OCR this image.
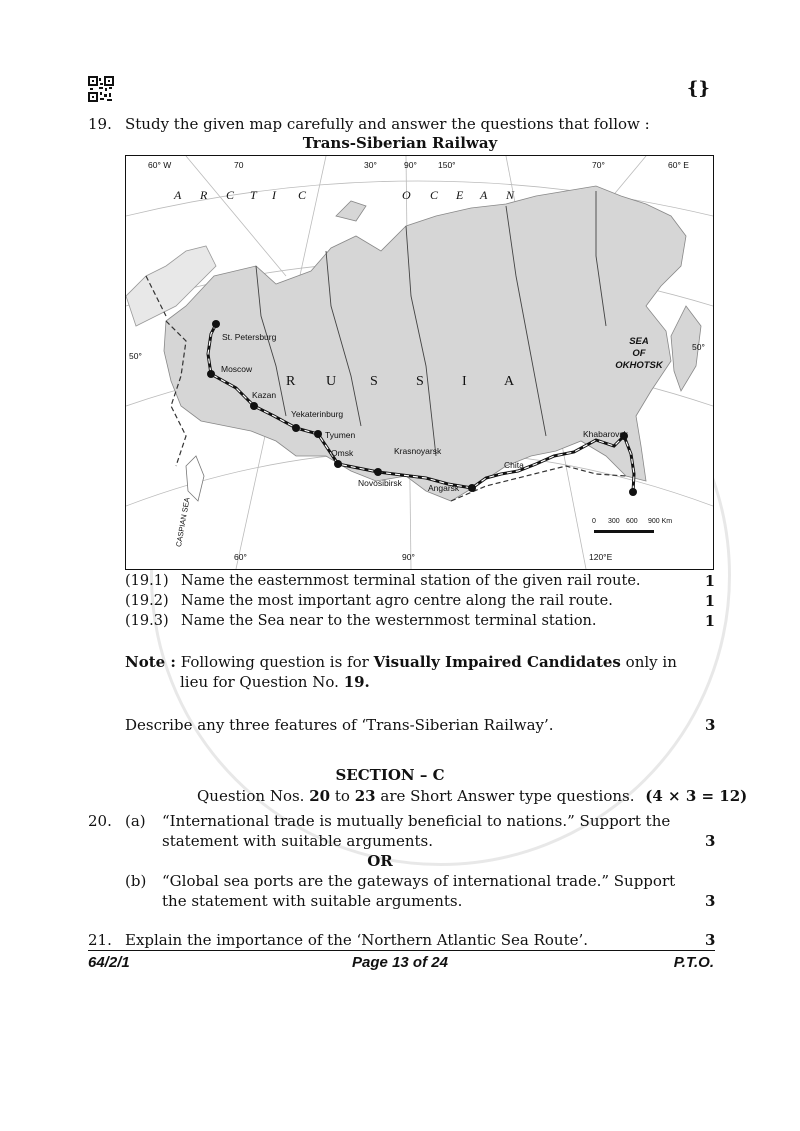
{}
19. Study the given map carefully and answer the questions that follow :
Trans-Siberian Railway
60° W	70	30°	90° 150°	70°	60° E
50°
50°
60°	90°	120°E
A R C T I C	O C E A N
R U S	S	I	A
SEA
OF
OKHOTSK
CASPIAN SEA
St. Petersburg
Moscow
Kazan
Yekaterinburg
Tyumen
Omsk
Novosibirsk
Krasnoyarsk
Angarsk
Chita
Khabarovsk
0 300 600 900 Km
(19.1) Name the easternmost terminal station of the given rail route.	1
(19.2) Name the most important agro centre along the rail route.	1
(19.3) Name the Sea near to the westernmost terminal station.	1
Note : Following question is for Visually Impaired Candidates only in
lieu for Question No. 19.
Describe any three features of ‘Trans-Siberian Railway’.	3
SECTION – C
Question Nos. 20 to 23 are Short Answer type questions. (4 × 3 = 12)
20. (a) “International trade is mutually beneficial to nations.” Support the
statement with suitable arguments.	3
OR
(b) “Global sea ports are the gateways of international trade.” Support
the statement with suitable arguments.	3
21. Explain the importance of the ‘Northern Atlantic Sea Route’.	3
64/2/1	Page 13 of 24	P.T.O.
